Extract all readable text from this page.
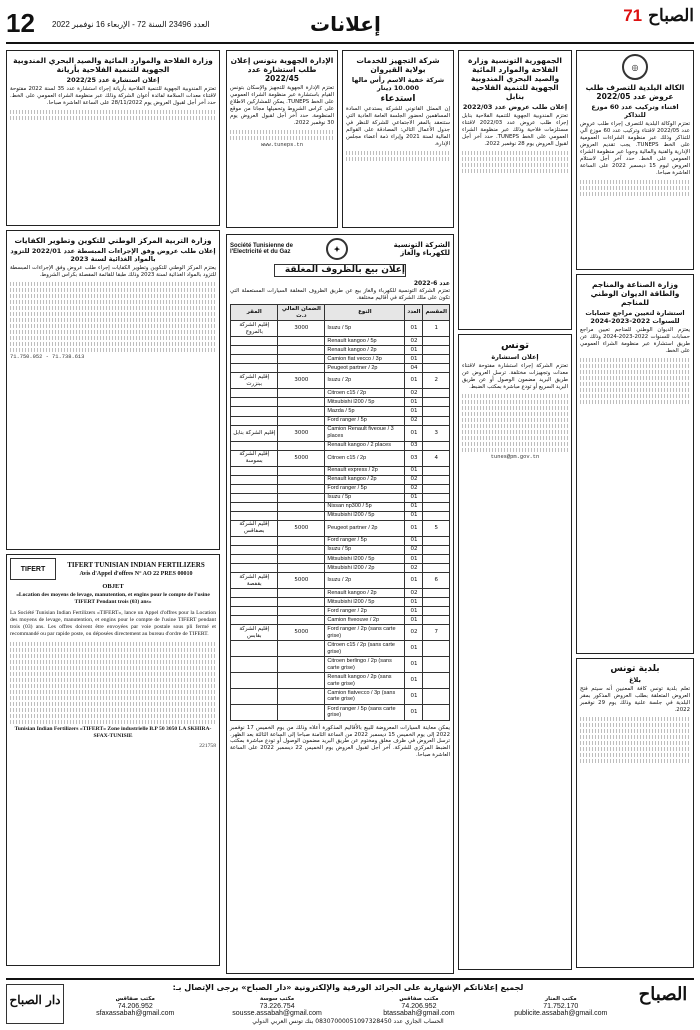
12 العدد 23496 السنة 72 - الإربعاء 16 نوفمبر 2022	إعلانات	الصباح 71
◎
الكالة البلدية للتصرف طلب عروض عدد 2022/05
اقتناء وتركيب عدد 60 موزع للتذاكر

تعتزم الوكالة البلدية للتصرف إجراء طلب عروض عدد 2022/05 لاقتناء وتركيب عدد 60 موزع آلي للتذاكر وذلك عبر منظومة الشراءات العمومية على الخط TUNEPS. يجب تقديم العروض الإدارية والفنية والمالية وجوبا عبر منظومة الشراء العمومي على الخط. حدد آخر أجل لاستلام العروض ليوم 15 ديسمبر 2022 على الساعة العاشرة صباحا.

وزارة الصناعة والمناجم والطاقة الديوان الوطني للمناجم
استشارة لتعيين مراجع حسابات للسنوات 2022-2023-2024

يعتزم الديوان الوطني للمناجم تعيين مراجع حسابات للسنوات 2022-2023-2024 وذلك عن طريق استشارة عبر منظومة الشراء العمومي على الخط.

بلدية تونس
بلاغ

تعلم بلدية تونس كافة المعنيين أنه سيتم فتح العروض المتعلقة بطلب العروض المذكور بمقر البلدية في جلسة علنية وذلك يوم 29 نوفمبر 2022.

الجمهورية التونسية وزارة الفلاحة والموارد المائية والصيد البحري المندوبية الجهوية للتنمية الفلاحية بنابل
إعلان طلب عروض عدد 2022/03

تعتزم المندوبية الجهوية للتنمية الفلاحية بنابل إجراء طلب عروض عدد 2022/03 لاقتناء مستلزمات فلاحية وذلك عبر منظومة الشراء العمومي على الخط TUNEPS. حدد آخر أجل لقبول العروض يوم 28 نوفمبر 2022.

تونس
إعلان استشارة

تعتزم الشركة إجراء استشارة مفتوحة لاقتناء معدات وتجهيزات مختلفة. ترسل العروض عن طريق البريد مضمون الوصول أو عن طريق البريد السريع أو تودع مباشرة بمكتب الضبط.

tunes@pm.gov.tn

شركة التجهيز للخدمات بولاية القيروان
شركة خفية الاسم رأس مالها 10.000 دينار
استدعاء

إن الممثل القانوني للشركة يستدعي السادة المساهمين لحضور الجلسة العامة العادية التي ستنعقد بالمقر الاجتماعي للشركة للنظر في جدول الأعمال التالي: المصادقة على القوائم المالية لسنة 2021 وإبراء ذمة أعضاء مجلس الإدارة.

الإدارة الجهوية بتونس إعلان طلب استشارة عدد 2022/45

تعتزم الإدارة الجهوية للتجهيز والإسكان بتونس القيام باستشارة عبر منظومة الشراء العمومي على الخط TUNEPS. يمكن للمشاركين الاطلاع على كراس الشروط وتحميلها مجانا من موقع المنظومة. حدد آخر أجل لقبول العروض يوم 30 نوفمبر 2022.

www.tuneps.tn

Société Tunisienne de l'Electricité et du Gaz	✦	الشركة التونسية للكهرباء والغاز
إعلان بيع بالظروف المغلقة
عدد 6-2022

تعتزم الشركة التونسية للكهرباء والغاز بيع عن طريق الظروف المغلقة السيارات المستعملة التي تكون على ملك الشركة في أقاليم مختلفة.

المقسم	العدد	النوع	الضمان المالي د.ت	المقر
1	01	Isuzu / 5p	3000	إقليم الشركة بالمروج
	02	Renault kangoo / 5p		
	01	Renault kangoo / 2p		
	01	Camion fiat vecco / 3p		
	04	Peugeot partner / 2p		
2	01	Isuzu / 2p	3000	إقليم الشركة ببنزرت
	02	Citroen c15 / 2p		
	01	Mitsubishi l200 / 5p		
	01	Mazda / 5p		
	02	Ford ranger / 5p		
3	01	Camion Renault fiveoue / 3 places	3000	إقليم الشركة بنابل
	03	Renault kangoo / 2 places		
4	03	Citroen c15 / 2p	5000	إقليم الشركة بسوسة
	01	Renault express / 2p		
	02	Renault kangoo / 2p		
	02	Ford ranger / 5p		
	01	Isuzu / 5p		
	01	Nissan np300 / 5p		
	01	Mitsubishi l200 / 5p		
5	01	Peugeot partner / 2p	5000	إقليم الشركة بصفاقس
	01	Ford ranger / 5p		
	02	Isuzu / 5p		
	01	Mitsubishi l200 / 5p		
	02	Mitsubishi l200 / 2p		
6	01	Isuzu / 2p	5000	إقليم الشركة بقفصة
	02	Renault kangoo / 2p		
	01	Mitsubishi l200 / 5p		
	01	Ford ranger / 2p		
	01	Camion fiveouve / 2p		
7	02	Ford ranger / 2p (sans carte grise)	5000	إقليم الشركة بقابس
	01	Citroen c15 / 2p (sans carte grise)		
	01	Citroen berlingo / 2p (sans carte grise)		
	01	Renault kangoo / 2p (sans carte grise)		
	01	Camion fiatvecco / 3p (sans carte grise)		
	01	Ford ranger / 5p (sans carte grise)		

يمكن معاينة السيارات المعروضة للبيع بالأقاليم المذكورة أعلاه وذلك من يوم الخميس 17 نوفمبر 2022 إلى يوم الخميس 15 ديسمبر 2022 من الساعة الثامنة صباحا إلى الساعة الثالثة بعد الظهر. ترسل العروض في ظرف مغلق ومختوم عن طريق البريد مضمون الوصول أو تودع مباشرة بمكتب الضبط المركزي للشركة. آخر أجل لقبول العروض يوم الخميس 22 ديسمبر 2022 على الساعة العاشرة صباحا.

وزارة الفلاحة والموارد المائية والصيد البحري المندوبية الجهوية للتنمية الفلاحية بأريانة
إعلان استشارة عدد 2022/25

تعتزم المندوبية الجهوية للتنمية الفلاحية بأريانة إجراء استشارة عدد 35 لسنة 2022 مفتوحة لاقتناء معدات السلامة لفائدة أعوان الشركة وذلك عبر منظومة الشراء العمومي على الخط. حدد آخر أجل لقبول العروض يوم 28/11/2022 على الساعة العاشرة صباحا.

وزارة التربية المركز الوطني للتكوين وتطوير الكفايات
إعلان طلب عروض وفق الإجراءات المبسطة عدد 2022/01 للتزود بالمواد الغذائية لسنة 2023

يعتزم المركز الوطني للتكوين وتطوير الكفايات إجراء طلب عروض وفق الإجراءات المبسطة للتزود بالمواد الغذائية لسنة 2023 وذلك طبقا للقائمة المفصلة بكراس الشروط.

71.750.052 - 71.738.613

TIFERT	TIFERT TUNISIAN INDIAN FERTILIZERS
Avis d'Appel d'offres N° AO 22 PRES 00010
OBJET

«Location des moyens de levage, manutention, et engins pour le compte de l'usine TIFERT Pendant trois (03) ans»

La Société Tunisian Indian Fertilizers «TIFERT», lance un Appel d'offres pour la Location des moyens de levage, manutention, et engins pour le compte de l'usine TIFERT pendant trois (03) ans. Les offres doivent être envoyées par voie postale sous pli fermé et recommandé ou par rapide poste, ou déposées directement au bureau d'ordre de TIFERT.

Tunisian Indian Fertilizers «TIFERT» Zone industrielle B.P 50 3050 LA SKHIRA-SFAX-TUNISIE

221758

دار الصباح
لجميع إعلاناتكم الإشهارية على الجرائد الورقية والإلكترونية «دار الصباح» يرجى الإتصال بـ:
مكتب المنار
71.752.170
publicite.assabah@gmail.com
مكتب صفاقس
74.206.952
btassabah@gmail.com
مكتب سوسة
73.226.754
sousse.assabah@gmail.com
مكتب صفاقس
74.206.952
sfaxassabah@gmail.com
الحساب الجاري عدد 08307000051097328450 بنك تونس العربي الدولي
الصباح
